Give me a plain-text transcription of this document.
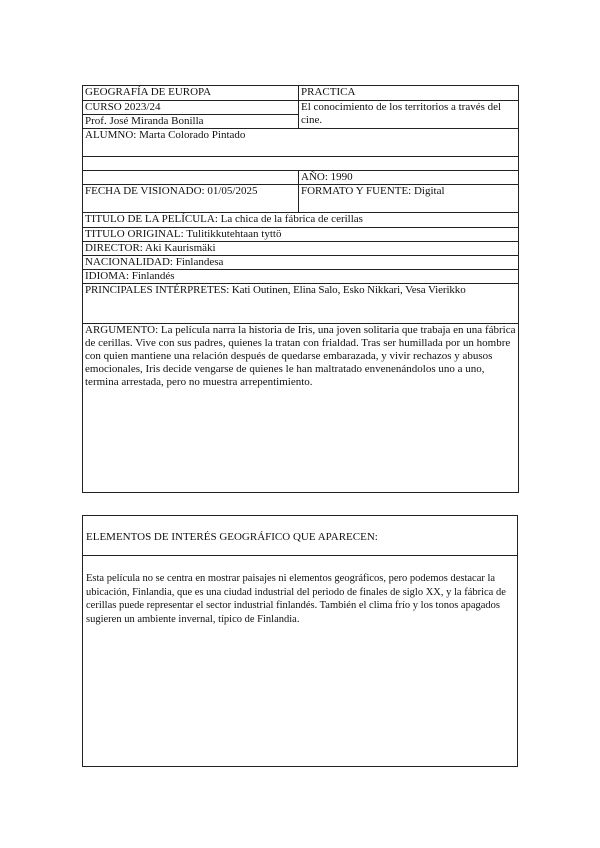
GEOGRAFÍA DE EUROPA	PRACTICA
CURSO 2023/24	El conocimiento de los territorios a través del cine.
Prof. José Miranda Bonilla	
ALUMNO: Marta Colorado Pintado	

	AÑO: 1990
FECHA DE VISIONADO: 01/05/2025	FORMATO Y FUENTE: Digital
TITULO DE LA PELÍCULA: La chica de la fábrica de cerillas	
TITULO ORIGINAL: Tulitikkutehtaan tyttö	
DIRECTOR: Aki Kaurismäki	
NACIONALIDAD: Finlandesa	
IDIOMA: Finlandés	
PRINCIPALES INTÉRPRETES: Kati Outinen, Elina Salo, Esko Nikkari, Vesa Vierikko	
ARGUMENTO: La película narra la historia de Iris, una joven solitaria que trabaja en una fábrica de cerillas. Vive con sus padres, quienes la tratan con frialdad. Tras ser humillada por un hombre con quien mantiene una relación después de quedarse embarazada, y vivir rechazos y abusos emocionales, Iris decide vengarse de quienes le han maltratado envenenándolos uno a uno, termina arrestada, pero no muestra arrepentimiento.	
ELEMENTOS DE INTERÉS GEOGRÁFICO QUE APARECEN:
Esta película no se centra en mostrar paisajes ni elementos geográficos, pero podemos destacar la ubicación, Finlandia, que es una ciudad industrial del periodo de finales de siglo XX, y la fábrica de cerillas puede representar el sector industrial finlandés. También el clima frío y los tonos apagados sugieren un ambiente invernal, típico de Finlandia.
